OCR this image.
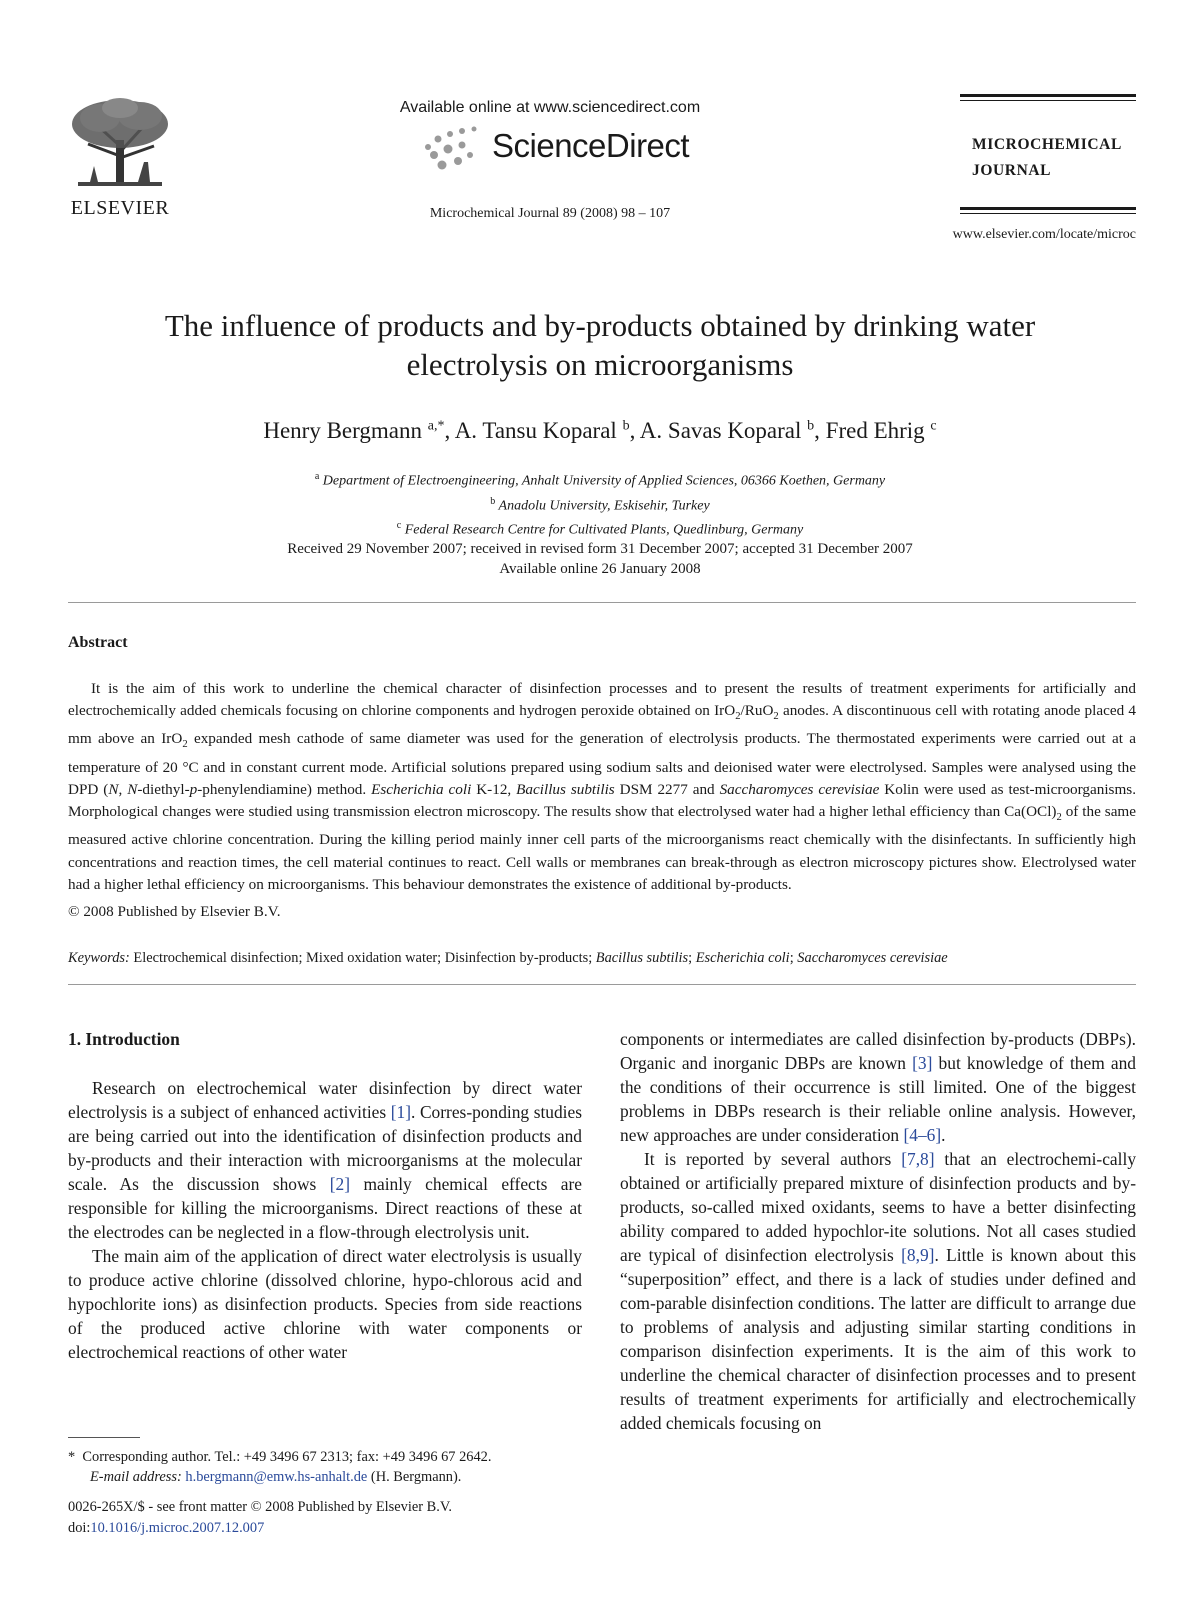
ELSEVIER
Available online at www.sciencedirect.com
ScienceDirect
Microchemical Journal 89 (2008) 98 – 107
MICROCHEMICAL
JOURNAL
www.elsevier.com/locate/microc
The influence of products and by-products obtained by drinking water
electrolysis on microorganisms
Henry Bergmann $^{a,*}$, A. Tansu Koparal $^b$, A. Savas Koparal $^b$, Fred Ehrig $^c$
$^a$ Department of Electroengineering, Anhalt University of Applied Sciences, 06366 Koethen, Germany
$^b$ Anadolu University, Eskisehir, Turkey
$^c$ Federal Research Centre for Cultivated Plants, Quedlinburg, Germany
Received 29 November 2007; received in revised form 31 December 2007; accepted 31 December 2007
Available online 26 January 2008
Abstract

It is the aim of this work to underline the chemical character of disinfection processes and to present the results of treatment experiments for artificially and electrochemically added chemicals focusing on chlorine components and hydrogen peroxide obtained on IrO$_2$/RuO$_2$ anodes. A discontinuous cell with rotating anode placed 4 mm above an IrO$_2$ expanded mesh cathode of same diameter was used for the generation of electrolysis products. The thermostated experiments were carried out at a temperature of 20 °C and in constant current mode. Artificial solutions prepared using sodium salts and deionised water were electrolysed. Samples were analysed using the DPD (N, N-diethyl-p-phenylendiamine) method. Escherichia coli K-12, Bacillus subtilis DSM 2277 and Saccharomyces cerevisiae Kolin were used as test-microorganisms. Morphological changes were studied using transmission electron microscopy. The results show that electrolysed water had a higher lethal efficiency than $Ca(OCl)_2$ of the same measured active chlorine concentration. During the killing period mainly inner cell parts of the microorganisms react chemically with the disinfectants. In sufficiently high concentrations and reaction times, the cell material continues to react. Cell walls or membranes can break-through as electron microscopy pictures show. Electrolysed water had a higher lethal efficiency on microorganisms. This behaviour demonstrates the existence of additional by-products.

© 2008 Published by Elsevier B.V.
Keywords: Electrochemical disinfection; Mixed oxidation water; Disinfection by-products; Bacillus subtilis; Escherichia coli; Saccharomyces cerevisiae
1. Introduction

Research on electrochemical water disinfection by direct water electrolysis is a subject of enhanced activities [1]. Corres-ponding studies are being carried out into the identification of disinfection products and by-products and their interaction with microorganisms at the molecular scale. As the discussion shows [2] mainly chemical effects are responsible for killing the microorganisms. Direct reactions of these at the electrodes can be neglected in a flow-through electrolysis unit.

The main aim of the application of direct water electrolysis is usually to produce active chlorine (dissolved chlorine, hypo-chlorous acid and hypochlorite ions) as disinfection products. Species from side reactions of the produced active chlorine with water components or electrochemical reactions of other water

components or intermediates are called disinfection by-products (DBPs). Organic and inorganic DBPs are known [3] but knowledge of them and the conditions of their occurrence is still limited. One of the biggest problems in DBPs research is their reliable online analysis. However, new approaches are under consideration [4–6].

It is reported by several authors [7,8] that an electrochemi-cally obtained or artificially prepared mixture of disinfection products and by-products, so-called mixed oxidants, seems to have a better disinfecting ability compared to added hypochlor-ite solutions. Not all cases studied are typical of disinfection electrolysis [8,9]. Little is known about this “superposition” effect, and there is a lack of studies under defined and com-parable disinfection conditions. The latter are difficult to arrange due to problems of analysis and adjusting similar starting conditions in comparison disinfection experiments. It is the aim of this work to underline the chemical character of disinfection processes and to present results of treatment experiments for artificially and electrochemically added chemicals focusing on

* Corresponding author. Tel.: +49 3496 67 2313; fax: +49 3496 67 2642.
E-mail address: h.bergmann@emw.hs-anhalt.de (H. Bergmann).
0026-265X/$ - see front matter © 2008 Published by Elsevier B.V.
doi:10.1016/j.microc.2007.12.007
